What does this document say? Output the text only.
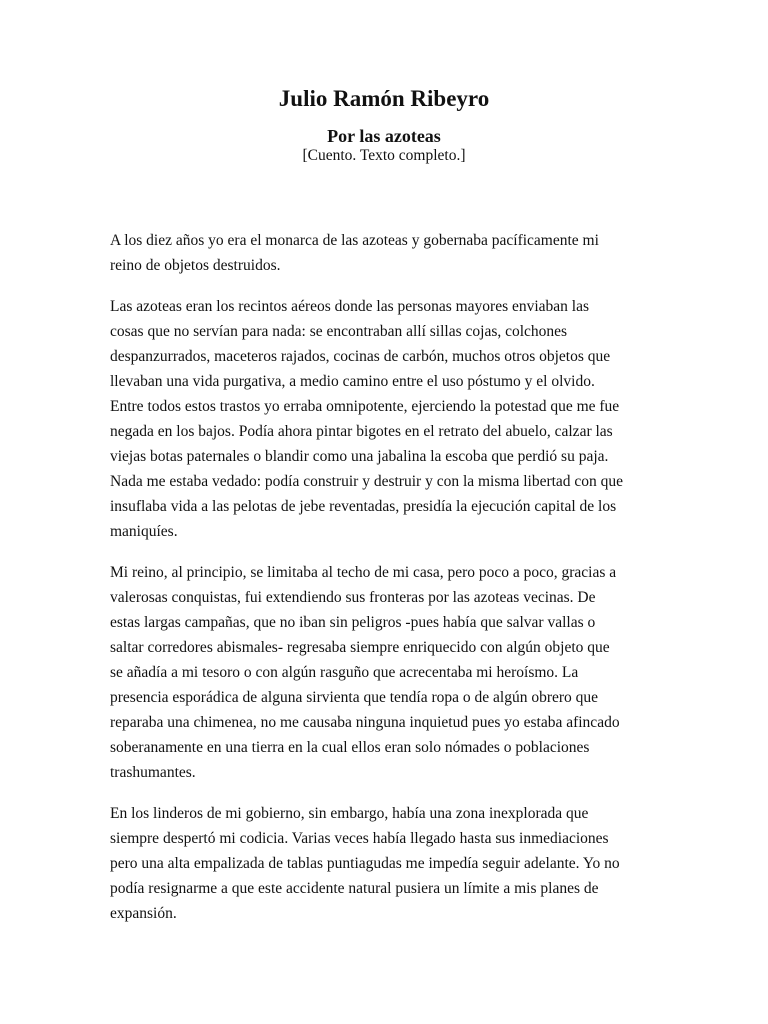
Julio Ramón Ribeyro
Por las azoteas
[Cuento. Texto completo.]

A los diez años yo era el monarca de las azoteas y gobernaba pacíficamente mi
reino de objetos destruidos.

Las azoteas eran los recintos aéreos donde las personas mayores enviaban las
cosas que no servían para nada: se encontraban allí sillas cojas, colchones
despanzurrados, maceteros rajados, cocinas de carbón, muchos otros objetos que
llevaban una vida purgativa, a medio camino entre el uso póstumo y el olvido.
Entre todos estos trastos yo erraba omnipotente, ejerciendo la potestad que me fue
negada en los bajos. Podía ahora pintar bigotes en el retrato del abuelo, calzar las
viejas botas paternales o blandir como una jabalina la escoba que perdió su paja.
Nada me estaba vedado: podía construir y destruir y con la misma libertad con que
insuflaba vida a las pelotas de jebe reventadas, presidía la ejecución capital de los
maniquíes.

Mi reino, al principio, se limitaba al techo de mi casa, pero poco a poco, gracias a
valerosas conquistas, fui extendiendo sus fronteras por las azoteas vecinas. De
estas largas campañas, que no iban sin peligros -pues había que salvar vallas o
saltar corredores abismales- regresaba siempre enriquecido con algún objeto que
se añadía a mi tesoro o con algún rasguño que acrecentaba mi heroísmo. La
presencia esporádica de alguna sirvienta que tendía ropa o de algún obrero que
reparaba una chimenea, no me causaba ninguna inquietud pues yo estaba afincado
soberanamente en una tierra en la cual ellos eran solo nómades o poblaciones
trashumantes.

En los linderos de mi gobierno, sin embargo, había una zona inexplorada que
siempre despertó mi codicia. Varias veces había llegado hasta sus inmediaciones
pero una alta empalizada de tablas puntiagudas me impedía seguir adelante. Yo no
podía resignarme a que este accidente natural pusiera un límite a mis planes de
expansión.
